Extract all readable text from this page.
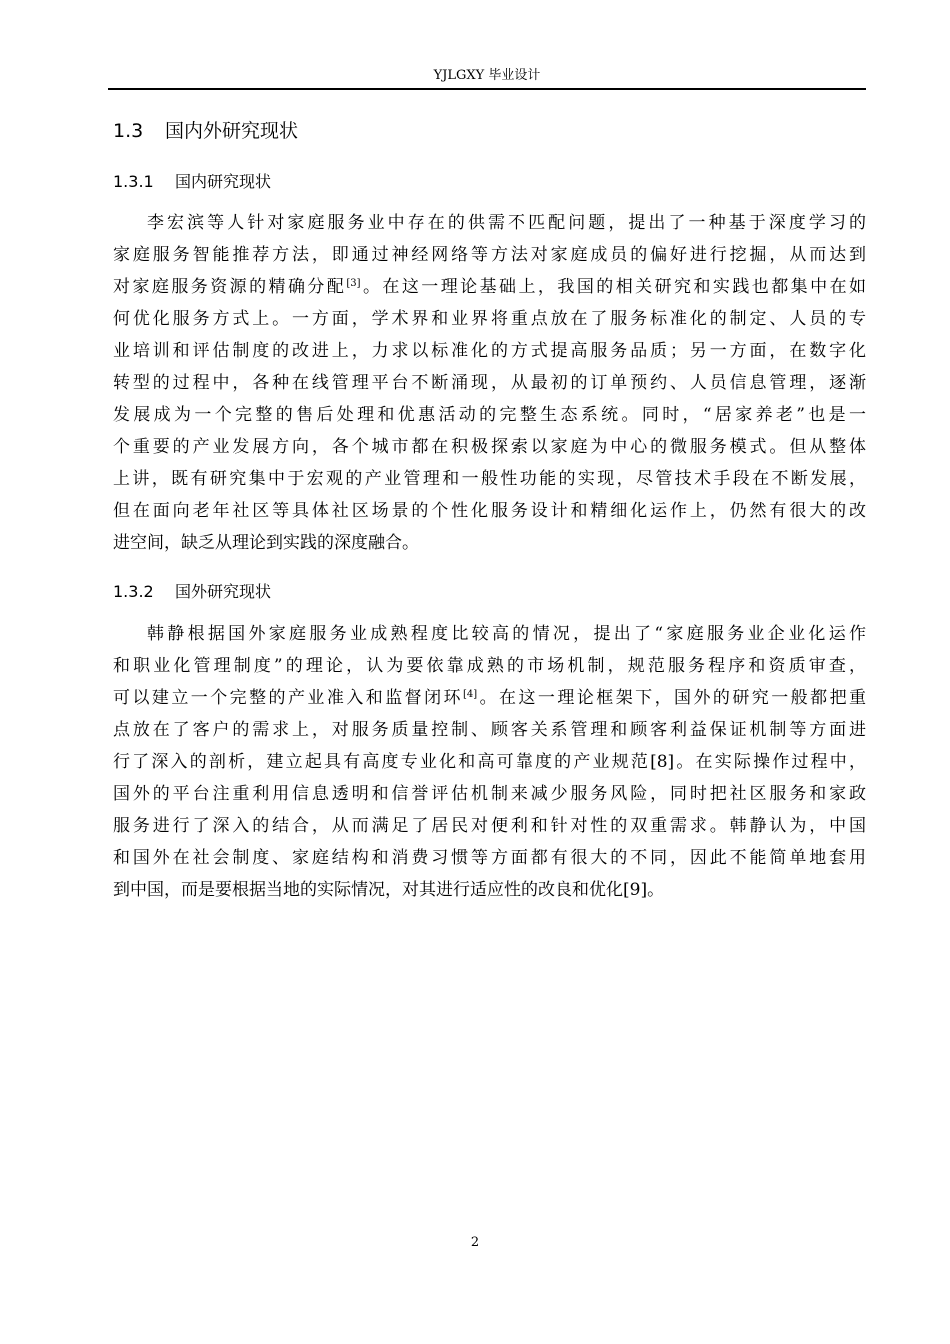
YJLGXY 毕业设计
1.3 国内外研究现状
1.3.1 国内研究现状
李宏滨等人针对家庭服务业中存在的供需不匹配问题，提出了一种基于深度学习的
家庭服务智能推荐方法，即通过神经网络等方法对家庭成员的偏好进行挖掘，从而达到
对家庭服务资源的精确分配[3]。在这一理论基础上，我国的相关研究和实践也都集中在如
何优化服务方式上。一方面，学术界和业界将重点放在了服务标准化的制定、人员的专
业培训和评估制度的改进上，力求以标准化的方式提高服务品质；另一方面，在数字化
转型的过程中，各种在线管理平台不断涌现，从最初的订单预约、人员信息管理，逐渐
发展成为一个完整的售后处理和优惠活动的完整生态系统。同时，“居家养老”也是一
个重要的产业发展方向，各个城市都在积极探索以家庭为中心的微服务模式。但从整体
上讲，既有研究集中于宏观的产业管理和一般性功能的实现，尽管技术手段在不断发展，
但在面向老年社区等具体社区场景的个性化服务设计和精细化运作上，仍然有很大的改
进空间，缺乏从理论到实践的深度融合。
1.3.2 国外研究现状
韩静根据国外家庭服务业成熟程度比较高的情况，提出了“家庭服务业企业化运作
和职业化管理制度”的理论，认为要依靠成熟的市场机制，规范服务程序和资质审查，
可以建立一个完整的产业准入和监督闭环[4]。在这一理论框架下，国外的研究一般都把重
点放在了客户的需求上，对服务质量控制、顾客关系管理和顾客利益保证机制等方面进
行了深入的剖析，建立起具有高度专业化和高可靠度的产业规范[8]。在实际操作过程中，
国外的平台注重利用信息透明和信誉评估机制来减少服务风险，同时把社区服务和家政
服务进行了深入的结合，从而满足了居民对便利和针对性的双重需求。韩静认为，中国
和国外在社会制度、家庭结构和消费习惯等方面都有很大的不同，因此不能简单地套用
到中国，而是要根据当地的实际情况，对其进行适应性的改良和优化[9]。
2
